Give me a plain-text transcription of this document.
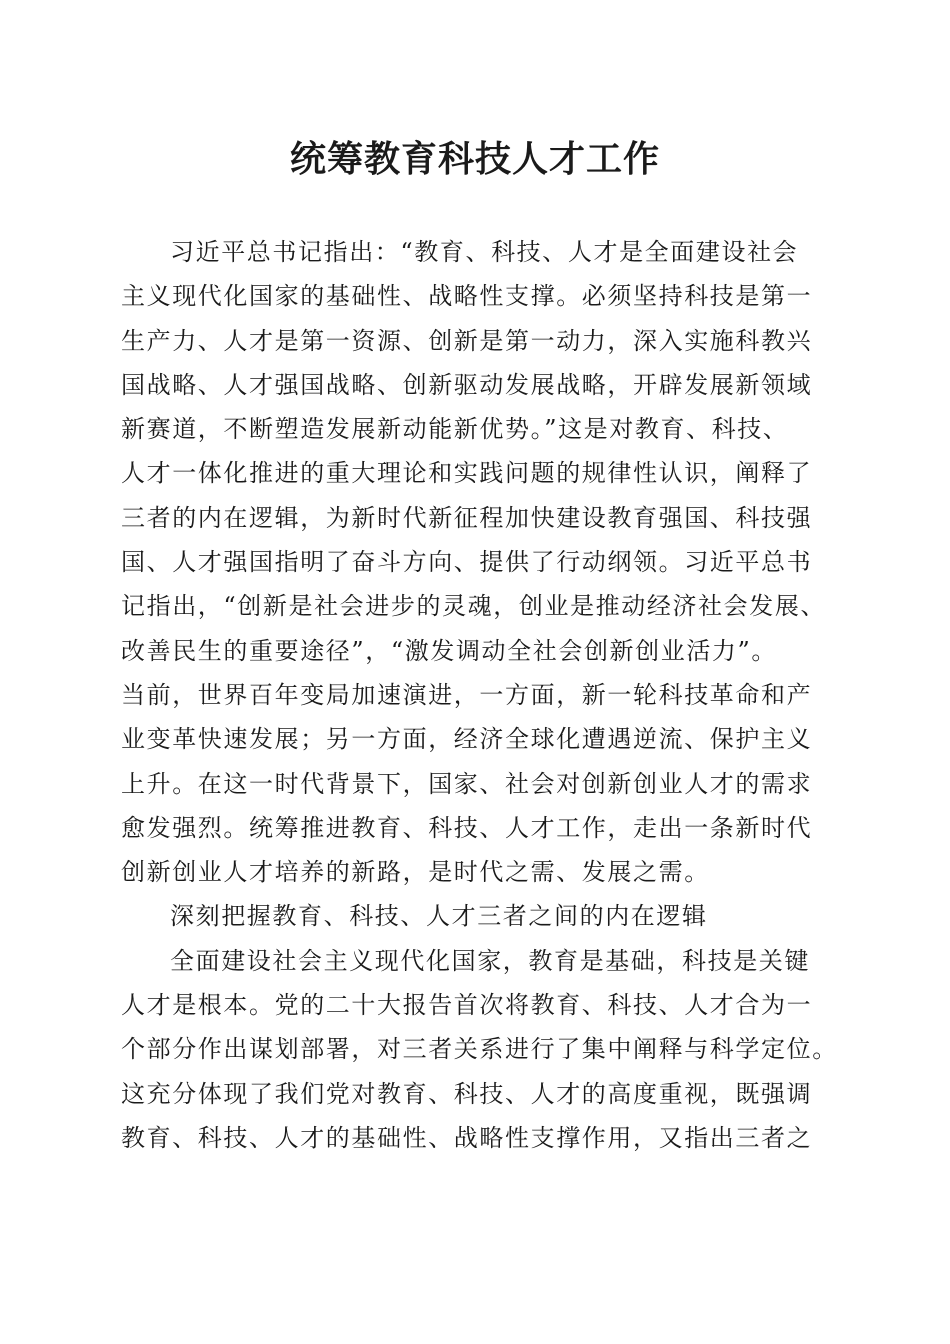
统筹教育科技人才工作
习近平总书记指出：“教育、科技、人才是全面建设社会
主义现代化国家的基础性、战略性支撑。必须坚持科技是第一
生产力、人才是第一资源、创新是第一动力，深入实施科教兴
国战略、人才强国战略、创新驱动发展战略，开辟发展新领域
新赛道，不断塑造发展新动能新优势。”这是对教育、科技、
人才一体化推进的重大理论和实践问题的规律性认识，阐释了
三者的内在逻辑，为新时代新征程加快建设教育强国、科技强
国、人才强国指明了奋斗方向、提供了行动纲领。习近平总书
记指出，“创新是社会进步的灵魂，创业是推动经济社会发展、
改善民生的重要途径”，“激发调动全社会创新创业活力”。
当前，世界百年变局加速演进，一方面，新一轮科技革命和产
业变革快速发展；另一方面，经济全球化遭遇逆流、保护主义
上升。在这一时代背景下，国家、社会对创新创业人才的需求
愈发强烈。统筹推进教育、科技、人才工作，走出一条新时代
创新创业人才培养的新路，是时代之需、发展之需。
深刻把握教育、科技、人才三者之间的内在逻辑
全面建设社会主义现代化国家，教育是基础，科技是关键
人才是根本。党的二十大报告首次将教育、科技、人才合为一
个部分作出谋划部署，对三者关系进行了集中阐释与科学定位。
这充分体现了我们党对教育、科技、人才的高度重视，既强调
教育、科技、人才的基础性、战略性支撑作用，又指出三者之
